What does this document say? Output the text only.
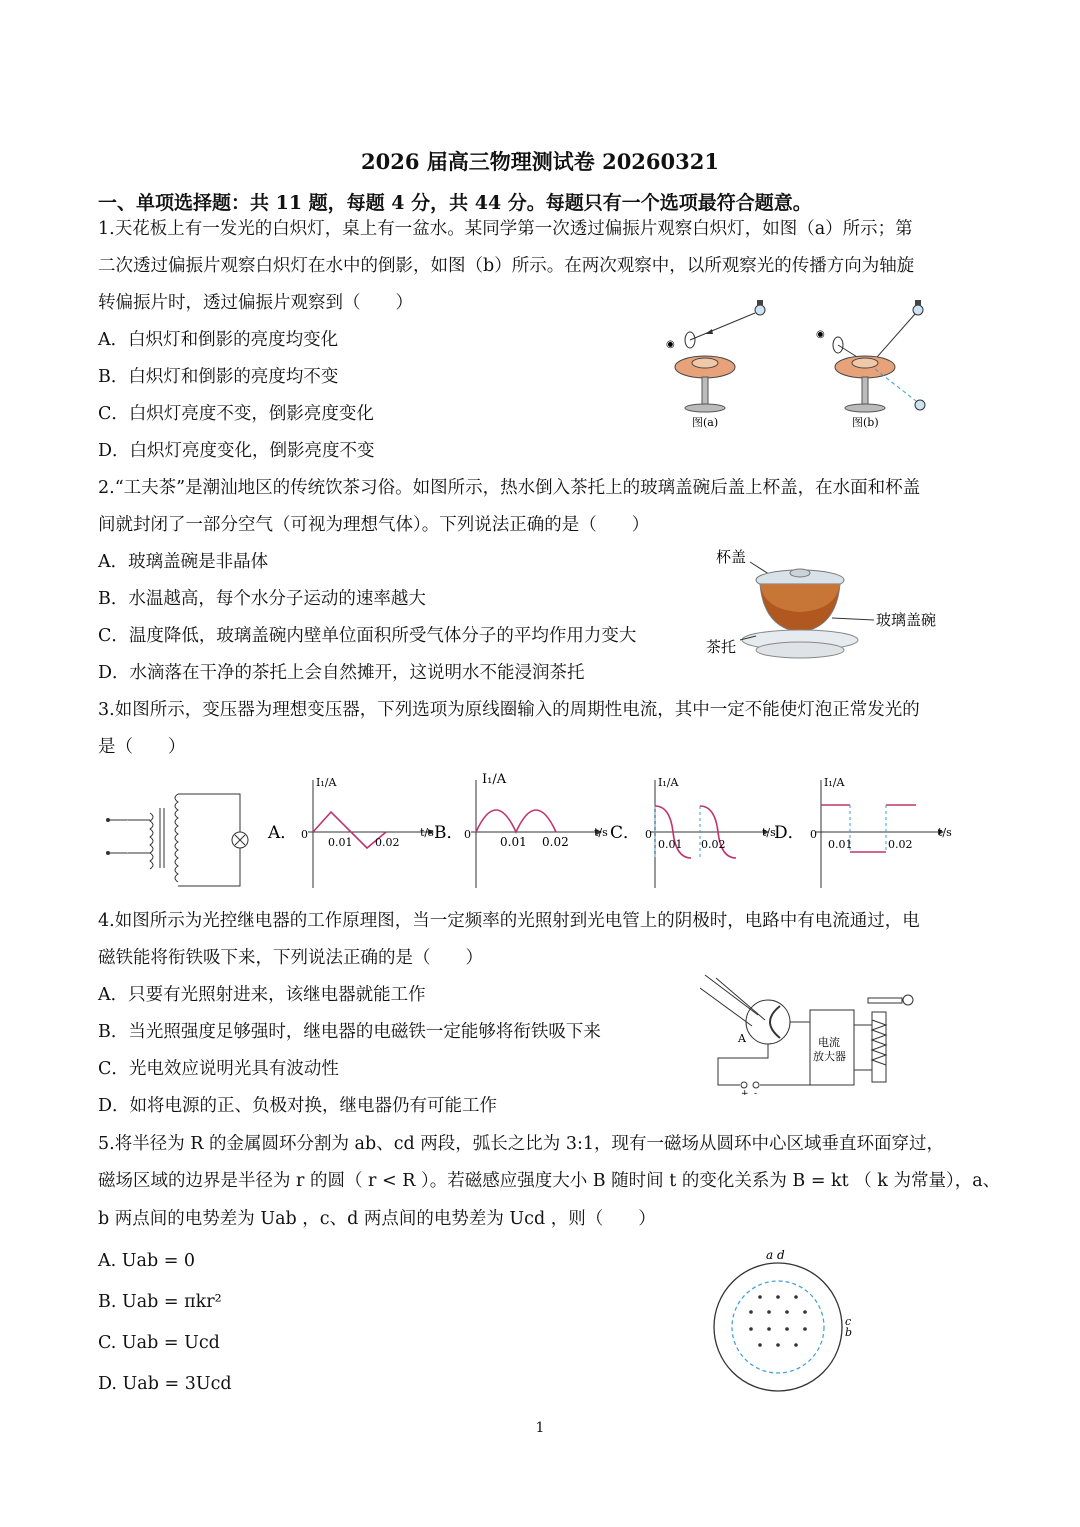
2026 届高三物理测试卷 20260321
一、单项选择题：共 11 题，每题 4 分，共 44 分。每题只有一个选项最符合题意。
1.天花板上有一发光的白炽灯，桌上有一盆水。某同学第一次透过偏振片观察白炽灯，如图（a）所示；第
二次透过偏振片观察白炽灯在水中的倒影，如图（b）所示。在两次观察中，以所观察光的传播方向为轴旋
转偏振片时，透过偏振片观察到（　　）
A．白炽灯和倒影的亮度均变化
B．白炽灯和倒影的亮度均不变
C．白炽灯亮度不变，倒影亮度变化
D．白炽灯亮度变化，倒影亮度不变
◉
图(a)
◉
图(b)
2.“工夫茶”是潮汕地区的传统饮茶习俗。如图所示，热水倒入茶托上的玻璃盖碗后盖上杯盖，在水面和杯盖
间就封闭了一部分空气（可视为理想气体）。下列说法正确的是（　　）
A．玻璃盖碗是非晶体
B．水温越高，每个水分子运动的速率越大
C．温度降低，玻璃盖碗内壁单位面积所受气体分子的平均作用力变大
D．水滴落在干净的茶托上会自然摊开，这说明水不能浸润茶托
杯盖
玻璃盖碗
茶托
3.如图所示，变压器为理想变压器，下列选项为原线圈输入的周期性电流，其中一定不能使灯泡正常发光的
是（　　）
A．
I₁/A
t/s
0
0.01 0.02 B．
I₁/A
t/s
0
0.01 0.02 C．
I₁/A
t/s
0
0.01 0.02
D．
I₁/A
t/s
0
0.01	0.02
4.如图所示为光控继电器的工作原理图，当一定频率的光照射到光电管上的阴极时，电路中有电流通过，电
磁铁能将衔铁吸下来，下列说法正确的是（　　）
A．只要有光照射进来，该继电器就能工作
B．当光照强度足够强时，继电器的电磁铁一定能够将衔铁吸下来
C．光电效应说明光具有波动性
D．如将电源的正、负极对换，继电器仍有可能工作
A	电流
放大器
+ -
5.将半径为 R 的金属圆环分割为 ab、cd 两段，弧长之比为 3:1，现有一磁场从圆环中心区域垂直环面穿过，
磁场区域的边界是半径为 r 的圆（ r < R ）。若磁感应强度大小 B 随时间 t 的变化关系为 B = kt （ k 为常量），a、
b 两点间的电势差为 Uab ，c、d 两点间的电势差为 Ucd ，则（　　）
A. Uab = 0
B. Uab = πkr²
C. Uab = Ucd
D. Uab = 3Ucd
a d
c
b
1
